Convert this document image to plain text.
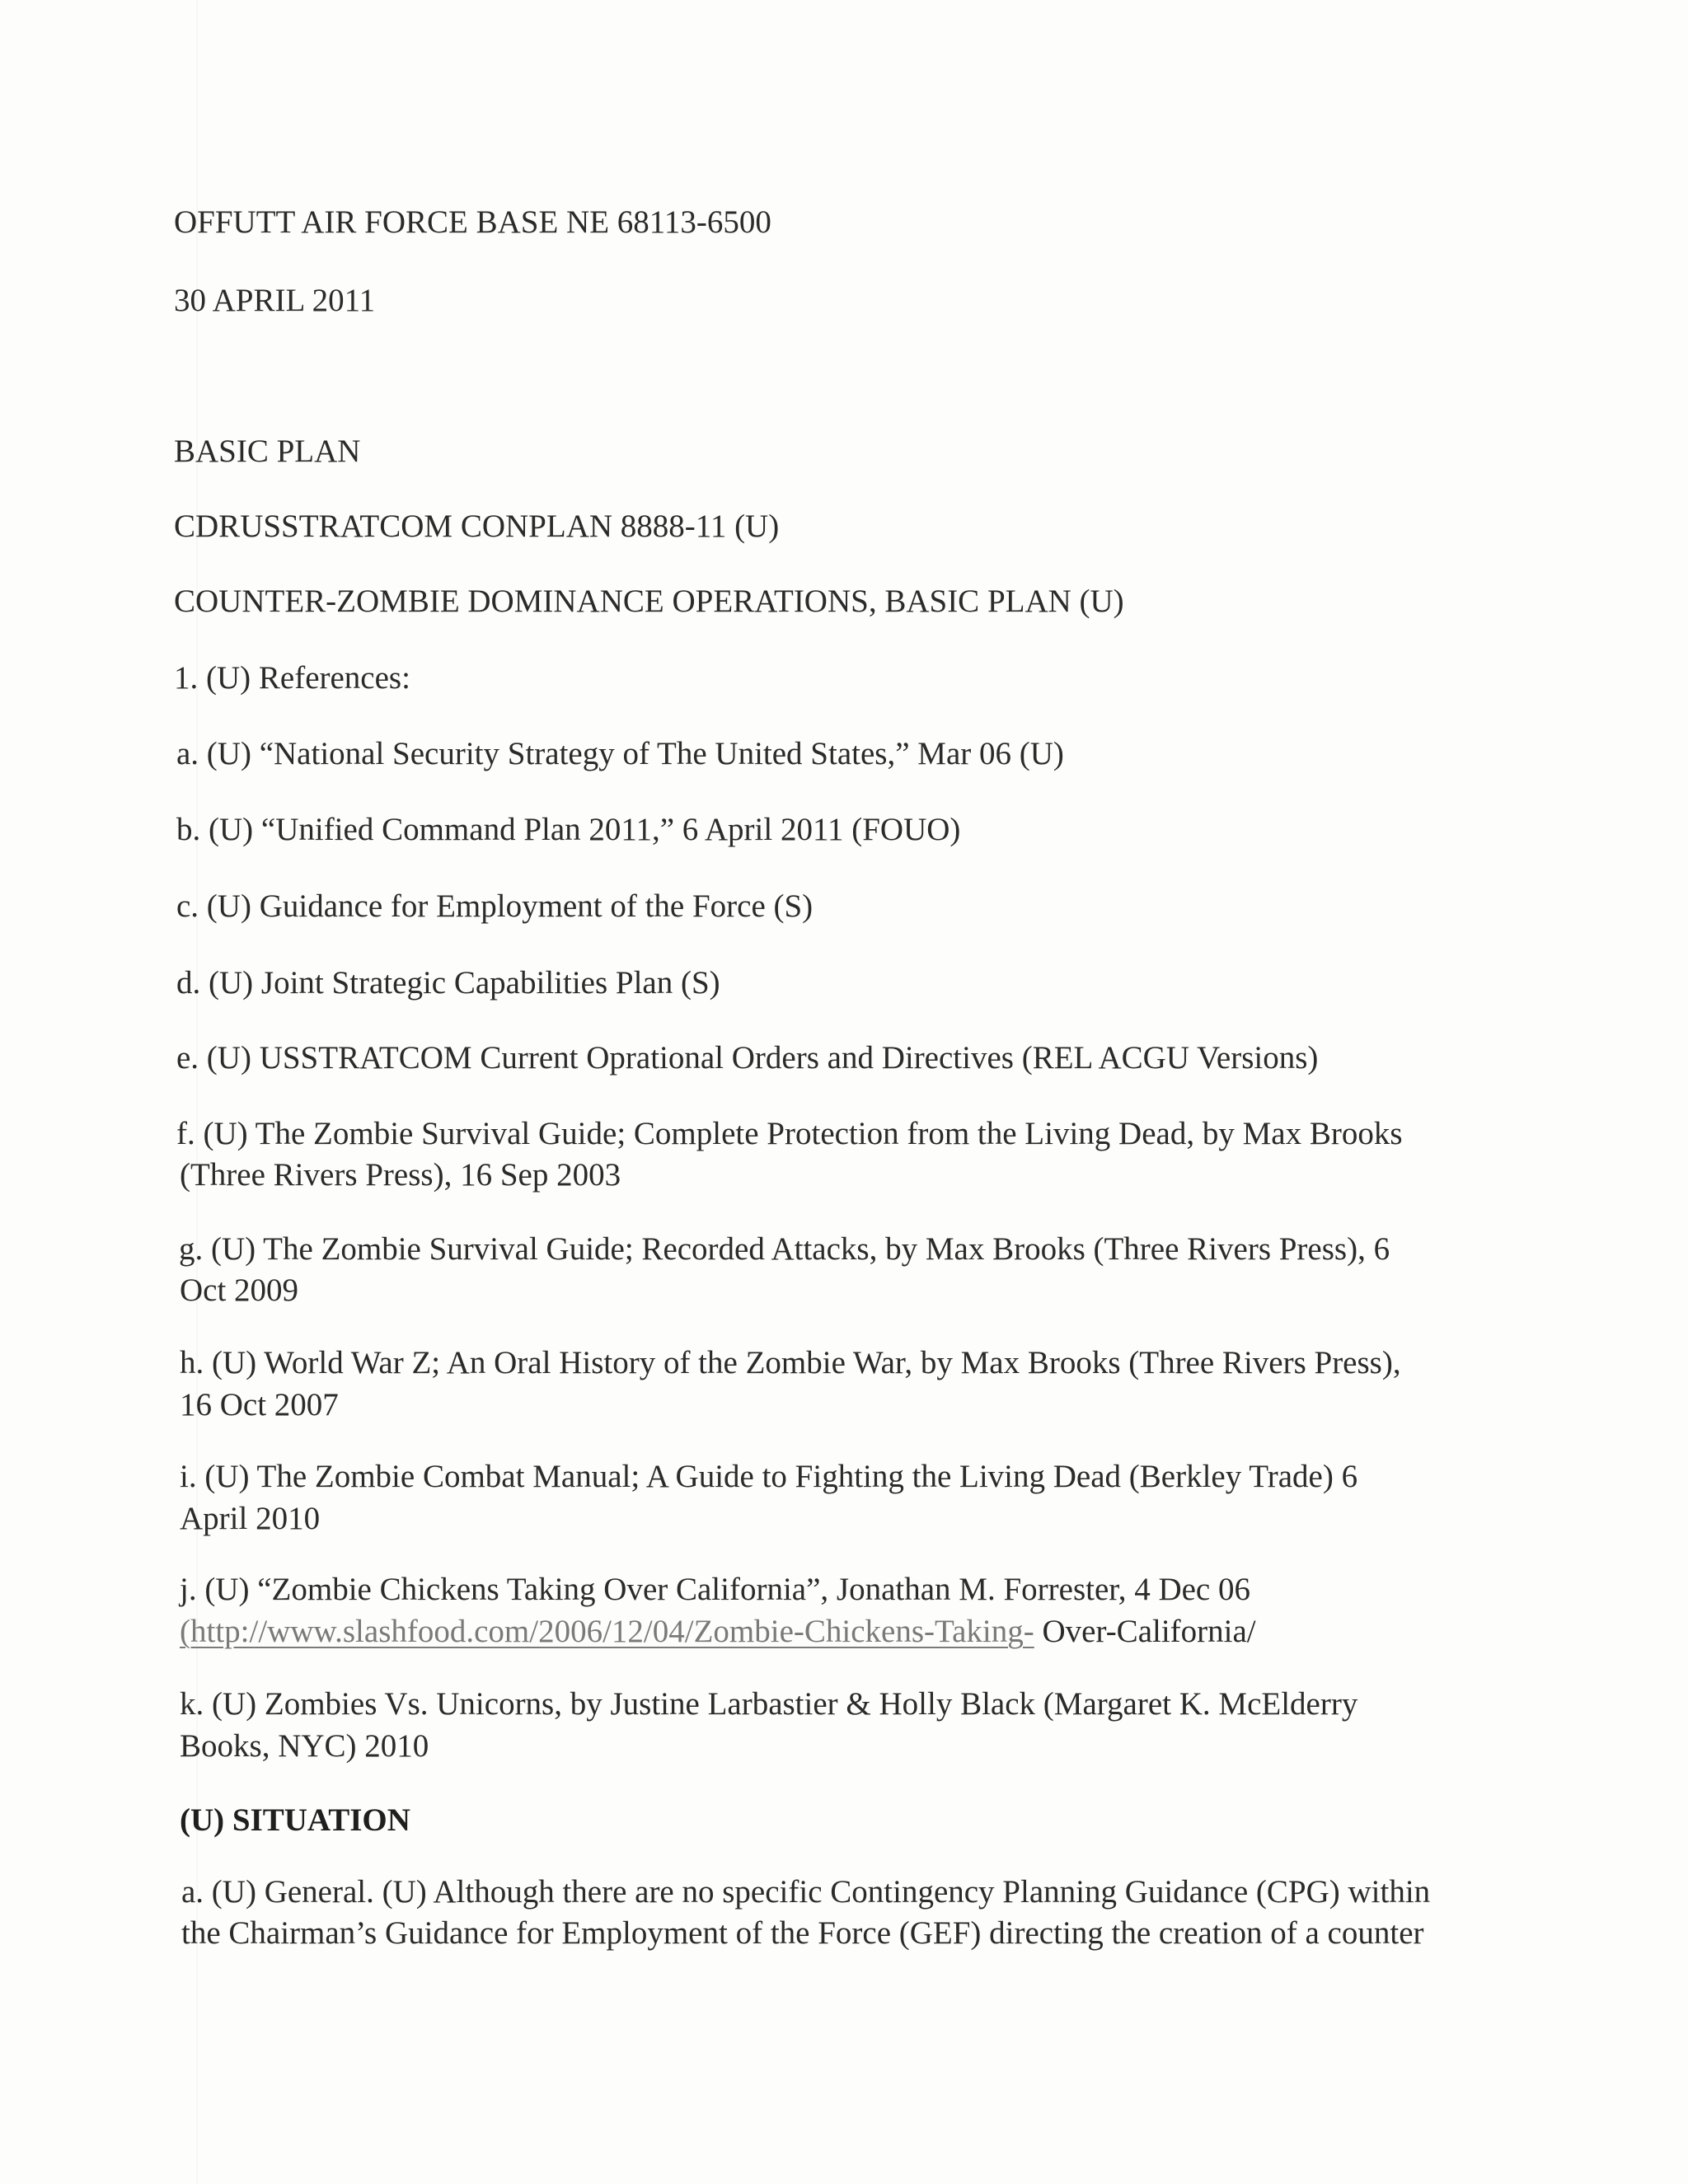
OFFUTT AIR FORCE BASE NE 68113-6500
30 APRIL 2011
BASIC PLAN
CDRUSSTRATCOM CONPLAN 8888-11 (U)
COUNTER-ZOMBIE DOMINANCE OPERATIONS, BASIC PLAN (U)
1. (U) References:
a. (U) “National Security Strategy of The United States,” Mar 06 (U)
b. (U) “Unified Command Plan 2011,” 6 April 2011 (FOUO)
c. (U) Guidance for Employment of the Force (S)
d. (U) Joint Strategic Capabilities Plan (S)
e. (U) USSTRATCOM Current Oprational Orders and Directives (REL ACGU Versions)
f. (U) The Zombie Survival Guide; Complete Protection from the Living Dead, by Max Brooks
(Three Rivers Press), 16 Sep 2003
g. (U) The Zombie Survival Guide; Recorded Attacks, by Max Brooks (Three Rivers Press), 6
Oct 2009
h. (U) World War Z; An Oral History of the Zombie War, by Max Brooks (Three Rivers Press),
16 Oct 2007
i. (U) The Zombie Combat Manual; A Guide to Fighting the Living Dead (Berkley Trade) 6
April 2010
j. (U) “Zombie Chickens Taking Over California”, Jonathan M. Forrester, 4 Dec 06
(http://www.slashfood.com/2006/12/04/Zombie-Chickens-Taking- Over-California/
k. (U) Zombies Vs. Unicorns, by Justine Larbastier & Holly Black (Margaret K. McElderry
Books, NYC) 2010
(U) SITUATION
a. (U) General. (U) Although there are no specific Contingency Planning Guidance (CPG) within
the Chairman’s Guidance for Employment of the Force (GEF) directing the creation of a counter
